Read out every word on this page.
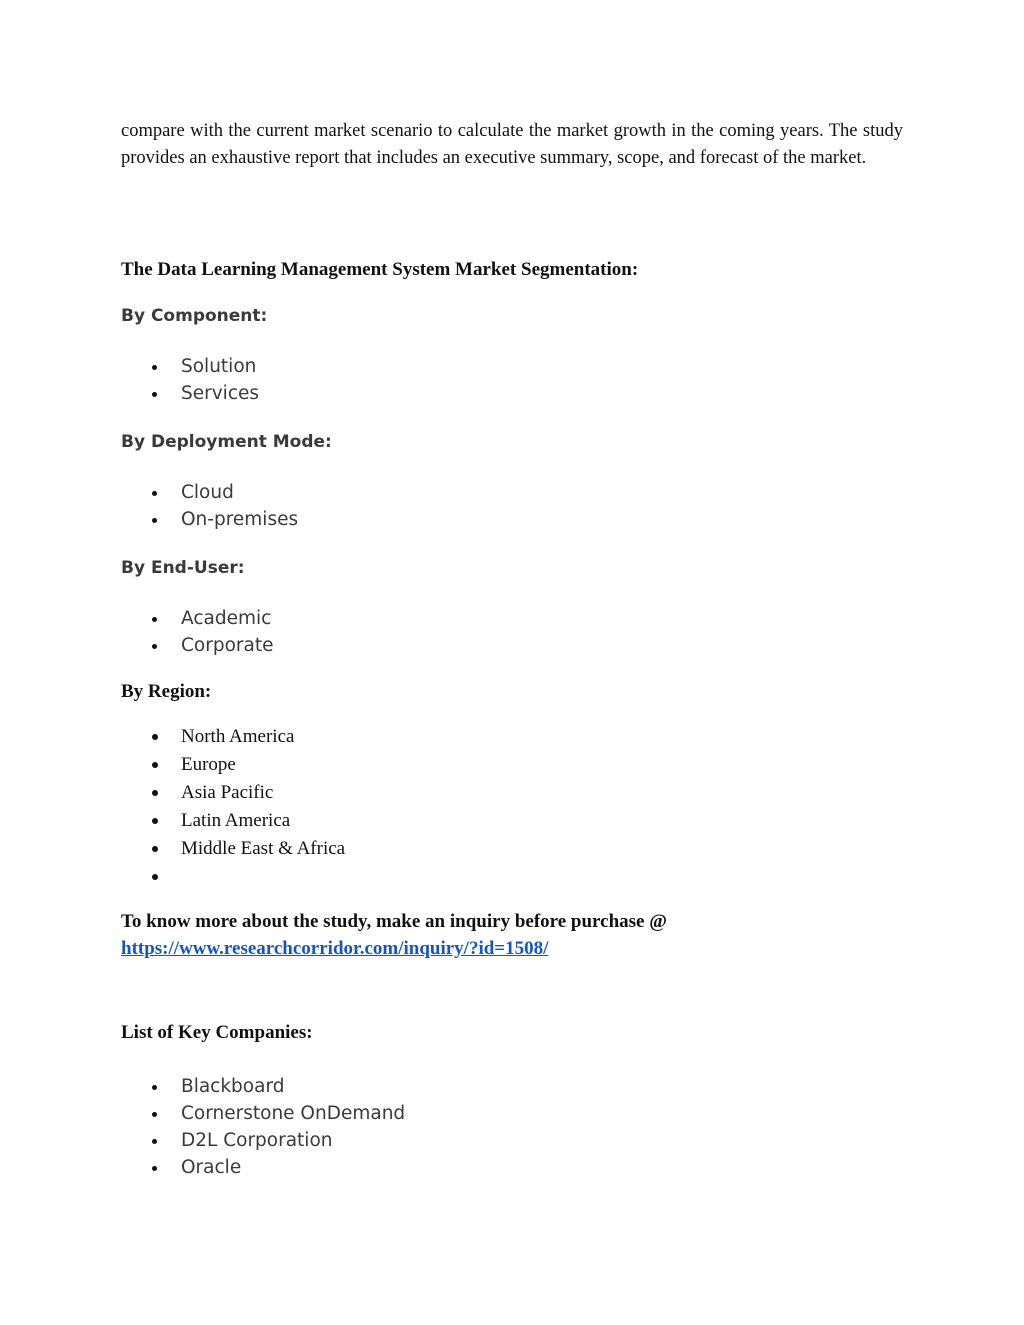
compare with the current market scenario to calculate the market growth in the coming years. The study provides an exhaustive report that includes an executive summary, scope, and forecast of the market.

The Data Learning Management System Market Segmentation:
By Component:
Solution
Services
By Deployment Mode:
Cloud
On-premises
By End-User:
Academic
Corporate
By Region:
North America
Europe
Asia Pacific
Latin America
Middle East & Africa

To know more about the study, make an inquiry before purchase @
https://www.researchcorridor.com/inquiry/?id=1508/

List of Key Companies:
Blackboard
Cornerstone OnDemand
D2L Corporation
Oracle
